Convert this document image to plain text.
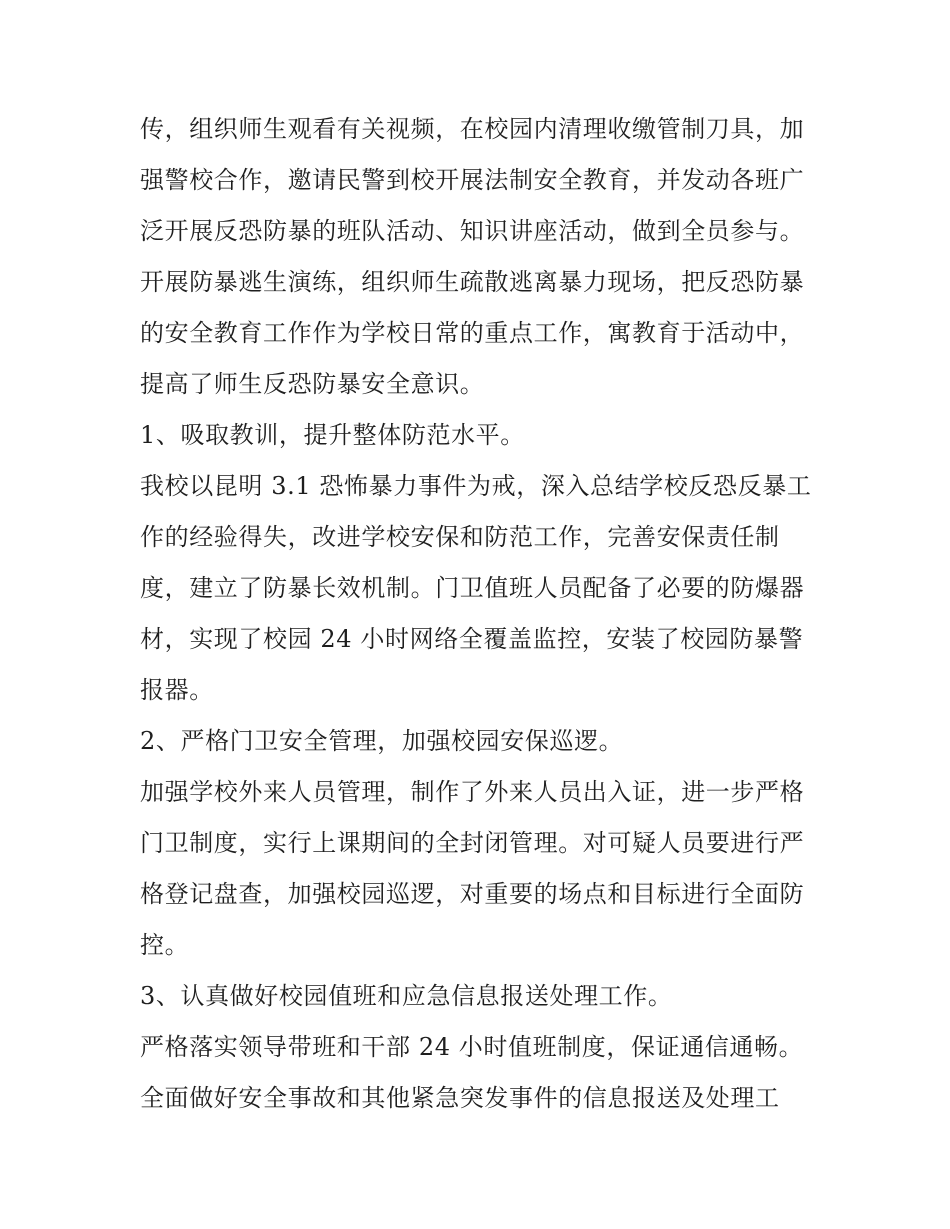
传，组织师生观看有关视频，在校园内清理收缴管制刀具，加
强警校合作，邀请民警到校开展法制安全教育，并发动各班广
泛开展反恐防暴的班队活动、知识讲座活动，做到全员参与。
开展防暴逃生演练，组织师生疏散逃离暴力现场，把反恐防暴
的安全教育工作作为学校日常的重点工作，寓教育于活动中，
提高了师生反恐防暴安全意识。
1、吸取教训，提升整体防范水平。
我校以昆明 3.1 恐怖暴力事件为戒，深入总结学校反恐反暴工
作的经验得失，改进学校安保和防范工作，完善安保责任制
度，建立了防暴长效机制。门卫值班人员配备了必要的防爆器
材，实现了校园 24 小时网络全覆盖监控，安装了校园防暴警
报器。
2、严格门卫安全管理，加强校园安保巡逻。
加强学校外来人员管理，制作了外来人员出入证，进一步严格
门卫制度，实行上课期间的全封闭管理。对可疑人员要进行严
格登记盘查，加强校园巡逻，对重要的场点和目标进行全面防
控。
3、认真做好校园值班和应急信息报送处理工作。
严格落实领导带班和干部 24 小时值班制度，保证通信通畅。
全面做好安全事故和其他紧急突发事件的信息报送及处理工
